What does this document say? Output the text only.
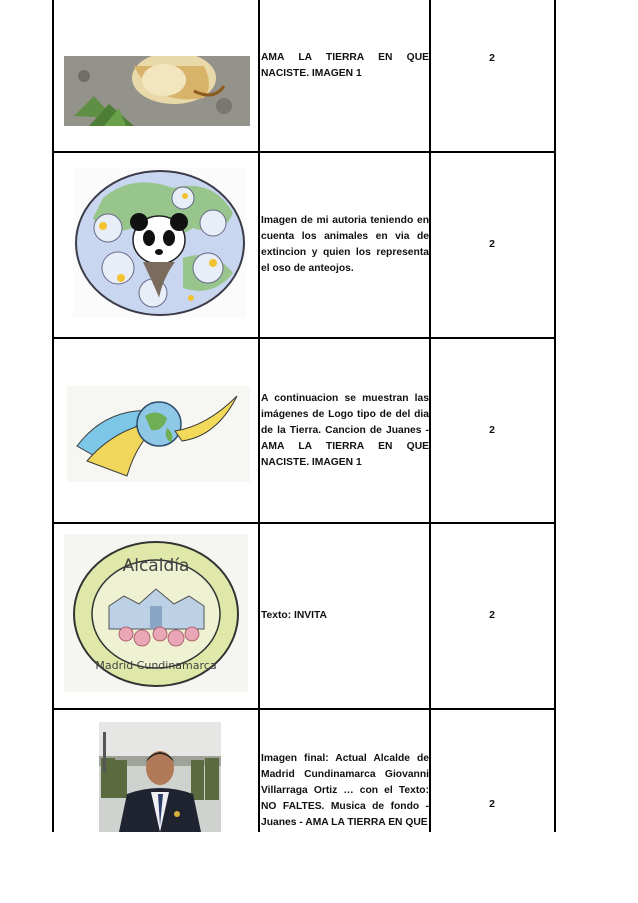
AMA LA TIERRA EN QUE NACISTE. IMAGEN 1
2
Imagen de mi autoria teniendo en cuenta los animales en via de extincion y quien los representa el oso de anteojos.
2
A continuacion se muestran las imágenes de Logo tipo de del dia de la Tierra. Cancion de Juanes - AMA LA TIERRA EN QUE NACISTE. IMAGEN 1
2
Alcaldía
Madrid Cundinamarca
Texto: INVITA	2
Imagen final: Actual Alcalde de Madrid Cundinamarca Giovanni Villarraga Ortiz … con el Texto: NO FALTES. Musica de fondo - Juanes - AMA LA TIERRA EN QUE
2
